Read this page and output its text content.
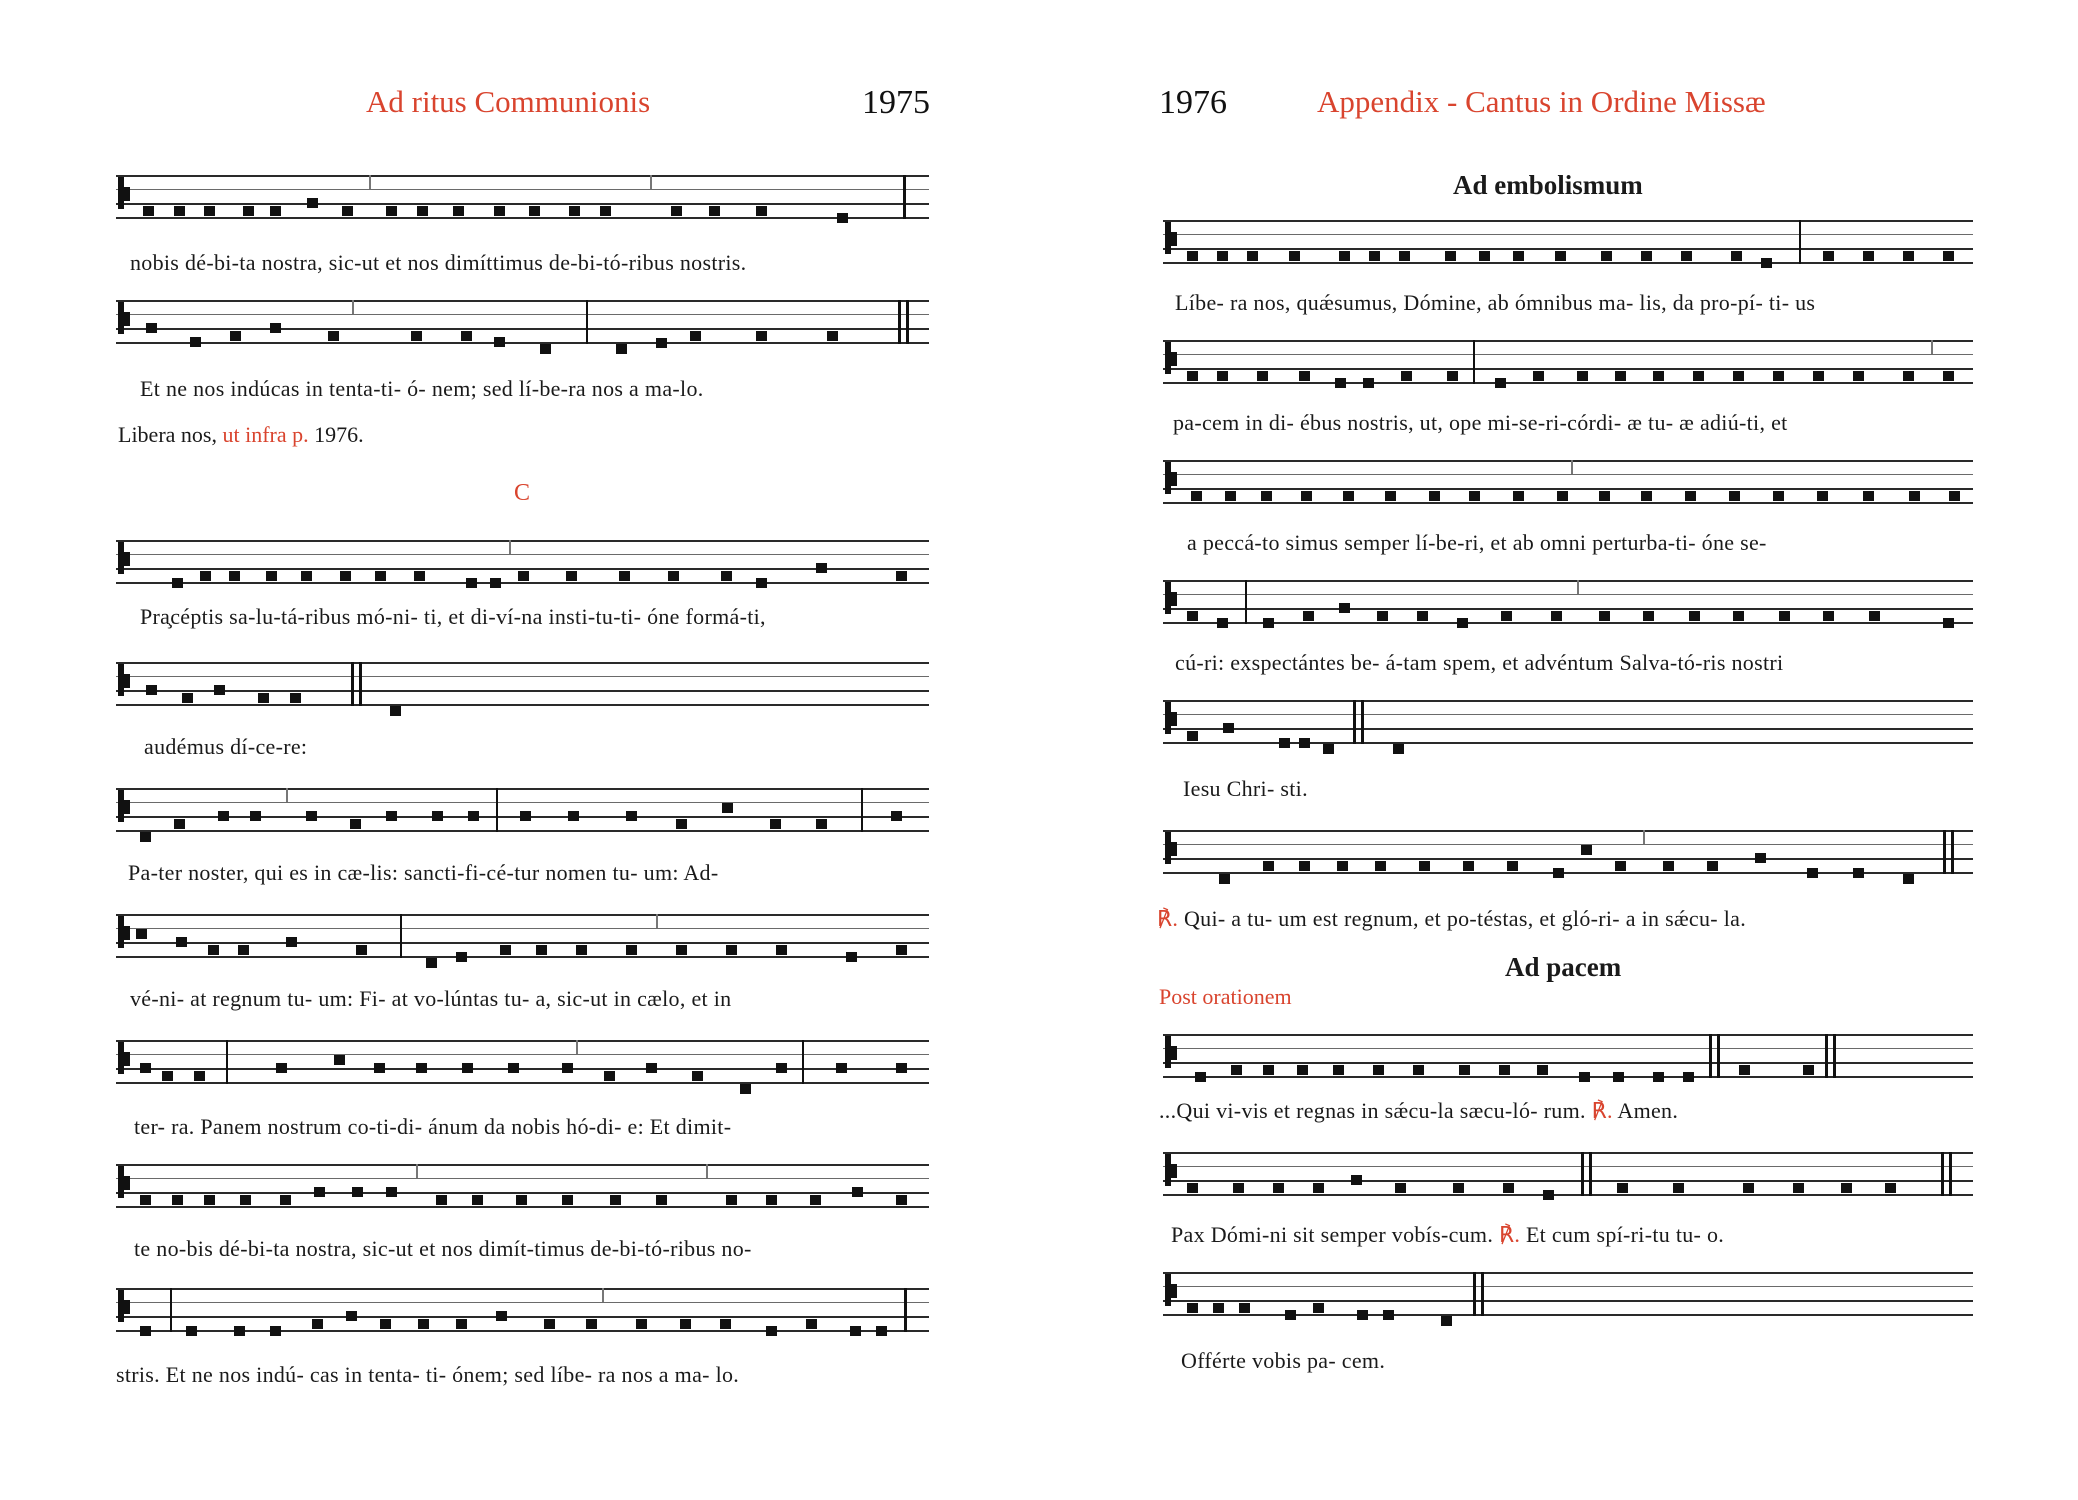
Ad ritus Communionis	1975
nobis dé-bi-ta nostra, sic-ut et nos dimíttimus de-bi-tó-ribus nostris.
Et ne nos indúcas in tenta-ti- ó- nem; sed lí-be-ra nos a ma-lo.
Libera nos, ut infra p. 1976.
C
Pra̧céptis sa-lu-tá-ribus mó-ni- ti, et di-ví-na insti-tu-ti- óne formá-ti,
audémus dí-ce-re:
Pa-ter noster, qui es in cæ-lis: sancti-fi-cé-tur nomen tu- um: Ad-
vé-ni- at regnum tu- um: Fi- at vo-lúntas tu- a, sic-ut in cælo, et in
ter- ra. Panem nostrum co-ti-di- ánum da nobis hó-di- e: Et dimit-
te no-bis dé-bi-ta nostra, sic-ut et nos dimít-timus de-bi-tó-ribus no-
stris. Et ne nos indú- cas in tenta- ti- ónem; sed líbe- ra nos a ma- lo.
1976	Appendix - Cantus in Ordine Missæ
Ad embolismum
Líbe- ra nos, quǽsumus, Dómine, ab ómnibus ma- lis, da pro-pí- ti- us
pa-cem in di- ébus nostris, ut, ope mi-se-ri-córdi- æ tu- æ adiú-ti, et
a peccá-to simus semper lí-be-ri, et ab omni perturba-ti- óne se-
cú-ri: exspectántes be- á-tam spem, et advéntum Salva-tó-ris nostri
Iesu Chri- sti.
℟. Qui- a tu- um est regnum, et po-téstas, et gló-ri- a in sǽcu- la.
Ad pacem
Post orationem
...Qui vi-vis et regnas in sǽcu-la sæcu-ló- rum. ℟. Amen.
Pax Dómi-ni sit semper vobís-cum. ℟. Et cum spí-ri-tu tu- o.
Offérte vobis pa- cem.
